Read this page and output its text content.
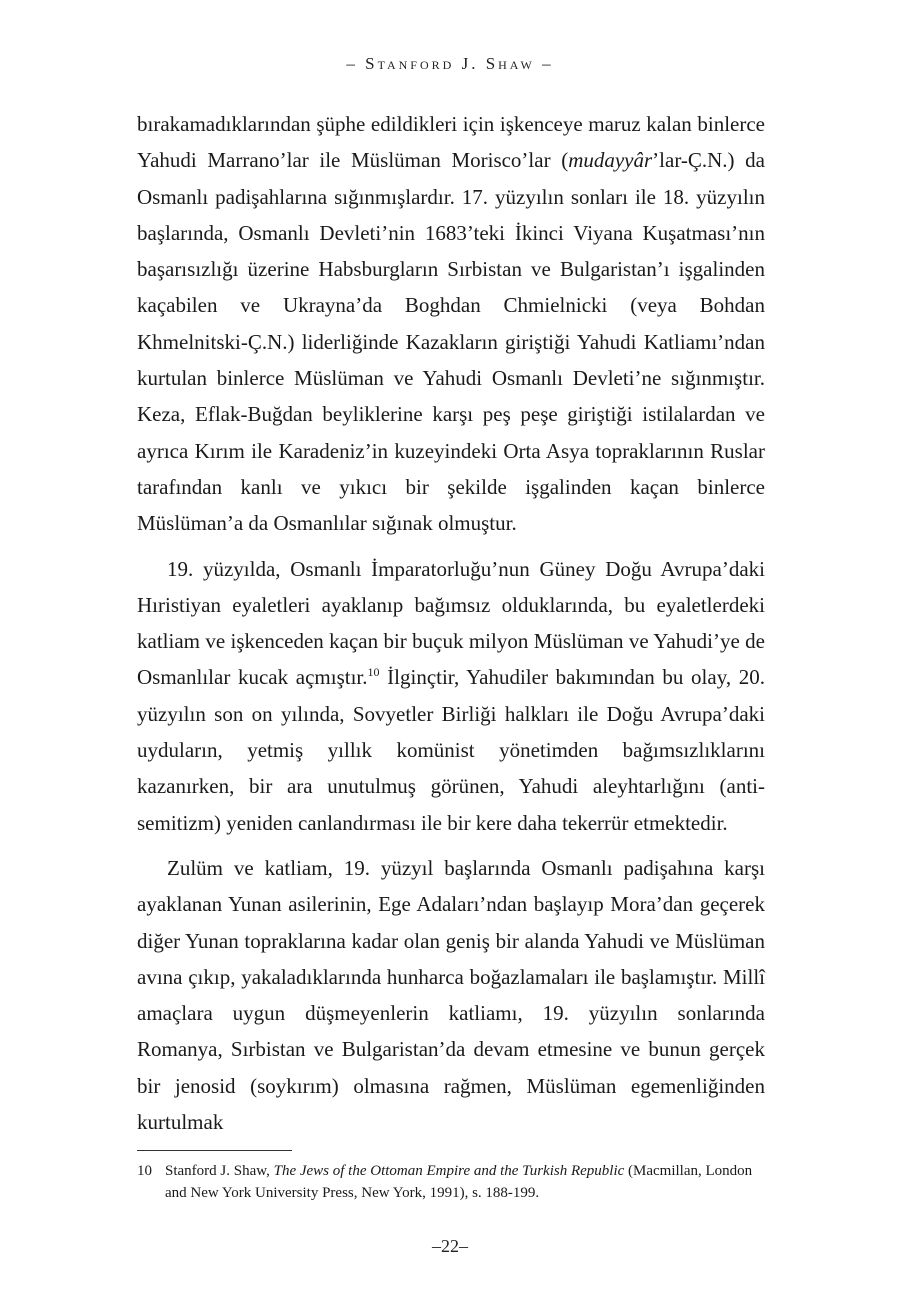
– Stanford J. Shaw –

bırakamadıklarından şüphe edildikleri için işkenceye maruz kalan binlerce Yahudi Marrano’lar ile Müslüman Morisco’lar (mudayyâr’lar-Ç.N.) da Osmanlı padişahlarına sığınmışlardır. 17. yüzyılın sonları ile 18. yüzyılın başlarında, Osmanlı Devleti’nin 1683’teki İkinci Viyana Kuşatması’nın başarısızlığı üzerine Habsburgların Sırbistan ve Bulgaristan’ı işgalinden kaçabilen ve Ukrayna’da Boghdan Chmielnicki (veya Bohdan Khmelnitski-Ç.N.) liderliğinde Kazakların giriştiği Yahudi Katliamı’ndan kurtulan binlerce Müslüman ve Yahudi Osmanlı Devleti’ne sığınmıştır. Keza, Eflak-Buğdan beyliklerine karşı peş peşe giriştiği istilalardan ve ayrıca Kırım ile Karadeniz’in kuzeyindeki Orta Asya topraklarının Ruslar tarafından kanlı ve yıkıcı bir şekilde işgalinden kaçan binlerce Müslüman’a da Osmanlılar sığınak olmuştur.

19. yüzyılda, Osmanlı İmparatorluğu’nun Güney Doğu Avrupa’daki Hıristiyan eyaletleri ayaklanıp bağımsız olduklarında, bu eyaletlerdeki katliam ve işkenceden kaçan bir buçuk milyon Müslüman ve Yahudi’ye de Osmanlılar kucak açmıştır.$^{10}$ İlginçtir, Yahudiler bakımından bu olay, 20. yüzyılın son on yılında, Sovyetler Birliği halkları ile Doğu Avrupa’daki uyduların, yetmiş yıllık komünist yönetimden bağımsızlıklarını kazanırken, bir ara unutulmuş görünen, Yahudi aleyhtarlığını (anti-semitizm) yeniden canlandırması ile bir kere daha tekerrür etmektedir.

Zulüm ve katliam, 19. yüzyıl başlarında Osmanlı padişahına karşı ayaklanan Yunan asilerinin, Ege Adaları’ndan başlayıp Mora’dan geçerek diğer Yunan topraklarına kadar olan geniş bir alanda Yahudi ve Müslüman avına çıkıp, yakaladıklarında hunharca boğazlamaları ile başlamıştır. Millî amaçlara uygun düşmeyenlerin katliamı, 19. yüzyılın sonlarında Romanya, Sırbistan ve Bulgaristan’da devam etmesine ve bunun gerçek bir jenosid (soykırım) olmasına rağmen, Müslüman egemenliğinden kurtulmak

10 Stanford J. Shaw, The Jews of the Ottoman Empire and the Turkish Republic (Macmillan, London and New York University Press, New York, 1991), s. 188-199.
–22–
